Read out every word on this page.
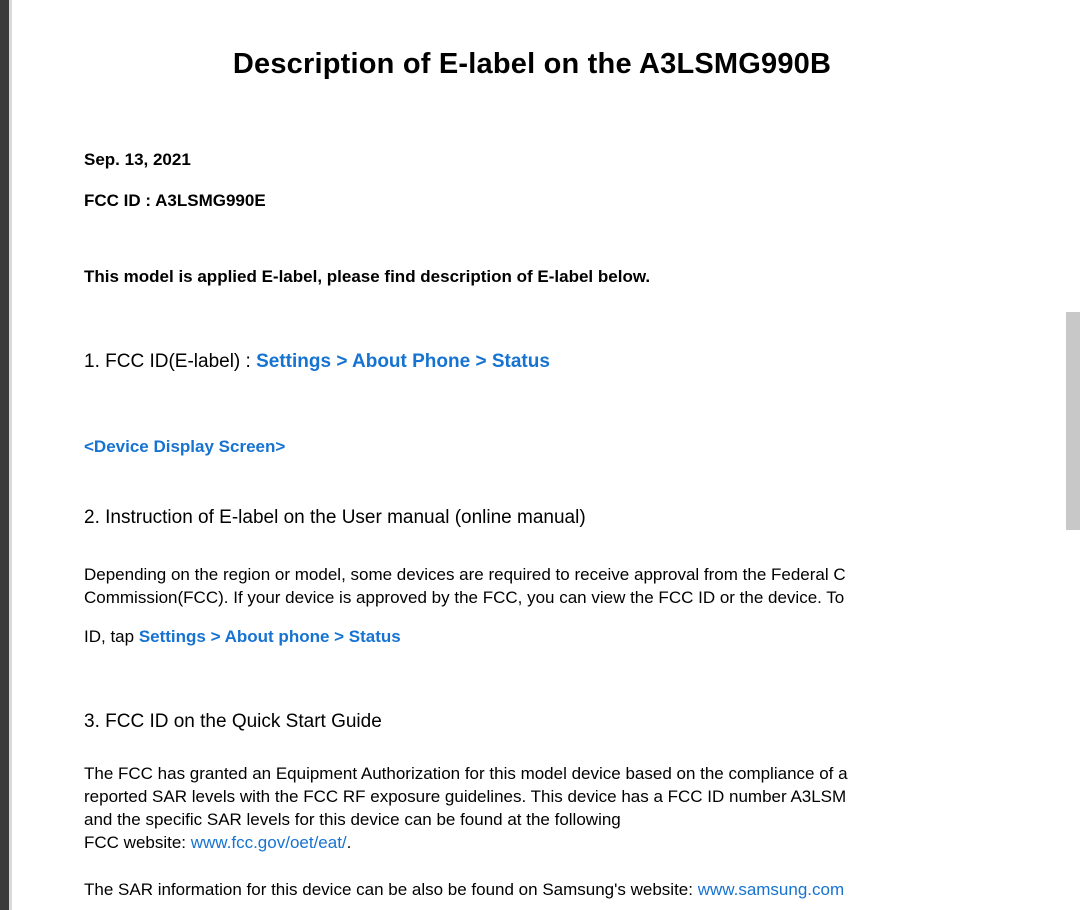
Description of E-label on the A3LSMG990B
Sep. 13, 2021
FCC ID : A3LSMG990E
This model is applied E-label, please find description of E-label below.
1. FCC ID(E-label) : Settings > About Phone > Status
<Device Display Screen>
2. Instruction of E-label on the User manual (online manual)
Depending on the region or model, some devices are required to receive approval from the Federal C
Commission(FCC). If your device is approved by the FCC, you can view the FCC ID or the device. To
ID, tap Settings > About phone > Status
3. FCC ID on the Quick Start Guide
The FCC has granted an Equipment Authorization for this model device based on the compliance of a
reported SAR levels with the FCC RF exposure guidelines. This device has a FCC ID number A3LSM
and the specific SAR levels for this device can be found at the following
FCC website: www.fcc.gov/oet/eat/.
The SAR information for this device can be also be found on Samsung's website: www.samsung.com
